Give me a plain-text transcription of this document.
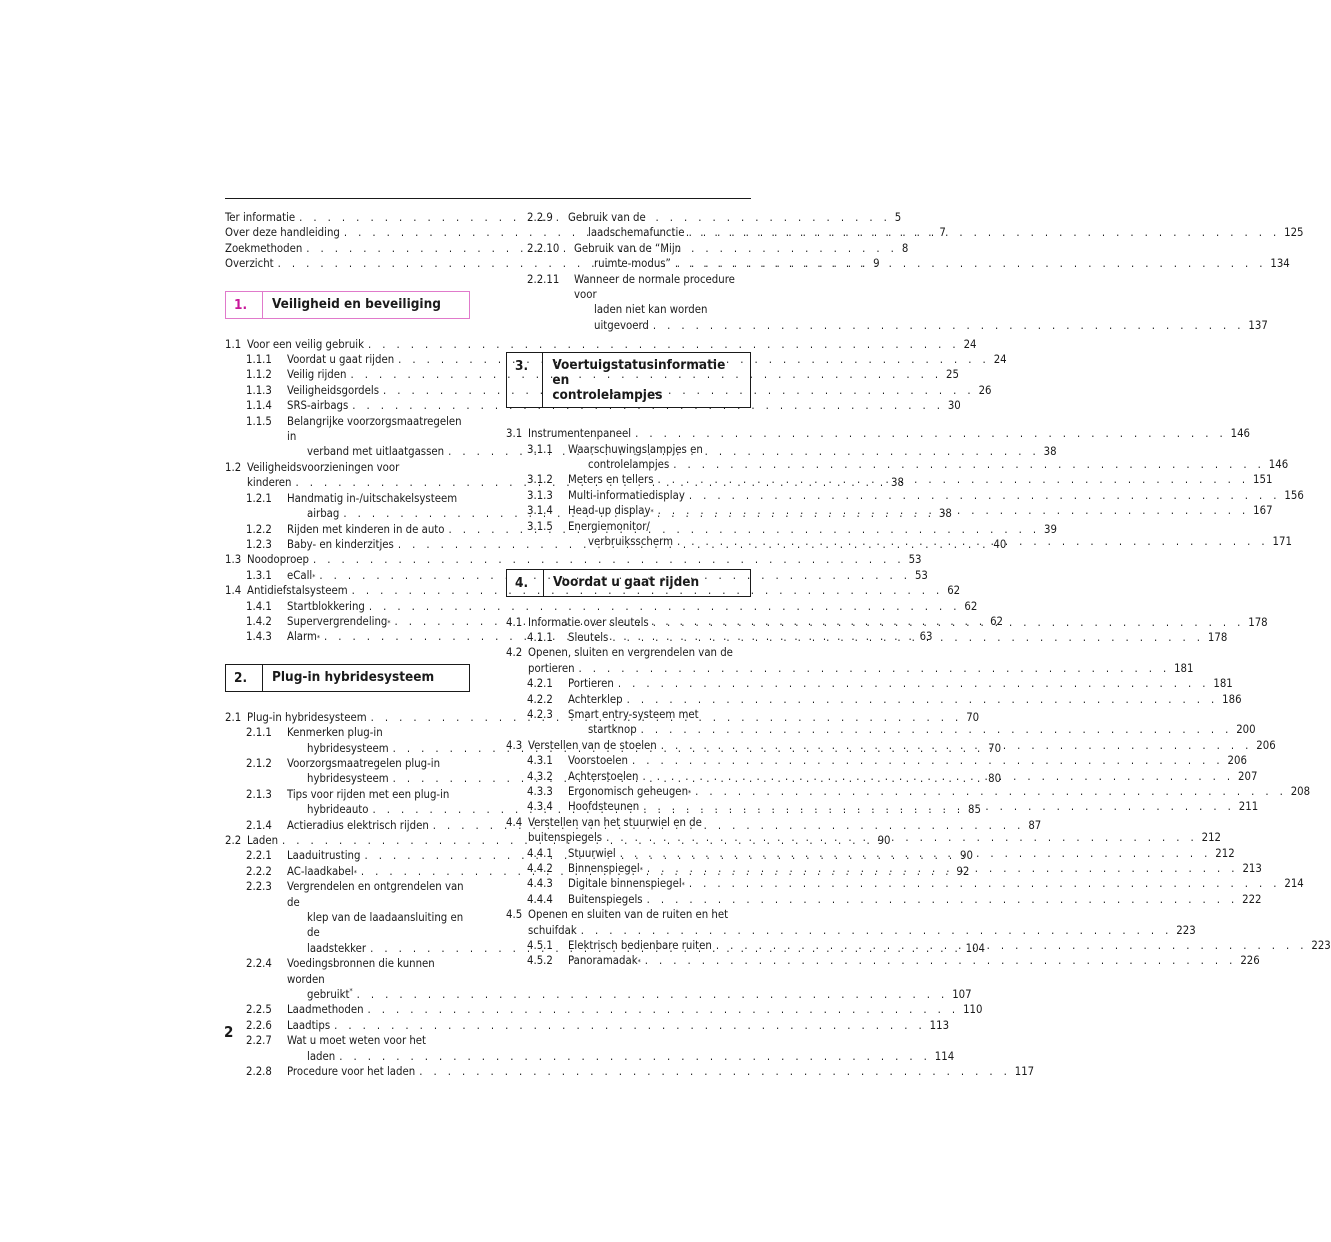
Ter informatie . . .	5
Over deze handleiding . . .	7
Zoekmethoden . . .	8
Overzicht . . .	9
1.	Veiligheid en beveiliging
1.1 Voor een veilig gebruik . . .	24
1.1.1 Voordat u gaat rijden . . .	24
1.1.2 Veilig rijden . . .	25
1.1.3 Veiligheidsgordels . . .	26
1.1.4 SRS-airbags . . .	30
1.1.5 Belangrijke voorzorgsmaatregelen in
verband met uitlaatgassen . . .	38
1.2 Veiligheidsvoorzieningen voor
kinderen . . .	38
1.2.1 Handmatig in-/uitschakelsysteem
airbag . . .	38
1.2.2 Rijden met kinderen in de auto . . .	39
1.2.3 Baby- en kinderzitjes . . .	40
1.3 Noodoproep . . .	53
1.3.1 eCall * . . .	53
1.4 Antidiefstalsysteem . . .	62
1.4.1 Startblokkering . . .	62
1.4.2 Supervergrendeling * . . .	62
1.4.3 Alarm * . . .	63
2.	Plug-in hybridesysteem
2.1 Plug-in hybridesysteem . . .	70
2.1.1 Kenmerken plug-in
hybridesysteem . . .	70
2.1.2 Voorzorgsmaatregelen plug-in
hybridesysteem . . .	80
2.1.3 Tips voor rijden met een plug-in
hybrideauto . . .	85
2.1.4 Actieradius elektrisch rijden . . .	87
2.2 Laden . . .	90
2.2.1 Laaduitrusting . . .	90
2.2.2 AC-laadkabel * . . .	92
2.2.3 Vergrendelen en ontgrendelen van de
klep van de laadaansluiting en de
laadstekker . . .	104
2.2.4 Voedingsbronnen die kunnen worden
gebruikt* . . .	107
2.2.5 Laadmethoden . . .	110
2.2.6 Laadtips . . .	113
2.2.7 Wat u moet weten voor het
laden . . .	114
2.2.8 Procedure voor het laden . . .	117
2.2.9 Gebruik van de
laadschemafunctie . . .	125
2.2.10 Gebruik van de “Mijn
ruimte-modus” . . .	134
2.2.11 Wanneer de normale procedure voor
laden niet kan worden
uitgevoerd . . .	137
3.	Voertuigstatusinformatie en
controlelampjes
3.1 Instrumentenpaneel . . .	146
3.1.1 Waarschuwingslampjes en
controlelampjes . . .	146
3.1.2 Meters en tellers . . .	151
3.1.3 Multi-informatiedisplay . . .	156
3.1.4 Head-up display * . . .	167
3.1.5 Energiemonitor/
verbruiksscherm . . .	171
4.	Voordat u gaat rijden
4.1 Informatie over sleutels . . .	178
4.1.1 Sleutels . . .	178
4.2 Openen, sluiten en vergrendelen van de
portieren . . .	181
4.2.1 Portieren . . .	181
4.2.2 Achterklep . . .	186
4.2.3 Smart entry-systeem met
startknop . . .	200
4.3 Verstellen van de stoelen . . .	206
4.3.1 Voorstoelen . . .	206
4.3.2 Achterstoelen . . .	207
4.3.3 Ergonomisch geheugen * . . .	208
4.3.4 Hoofdsteunen . . .	211
4.4 Verstellen van het stuurwiel en de
buitenspiegels . . .	212
4.4.1 Stuurwiel . . .	212
4.4.2 Binnenspiegel * . . .	213
4.4.3 Digitale binnenspiegel * . . .	214
4.4.4 Buitenspiegels . . .	222
4.5 Openen en sluiten van de ruiten en het
schuifdak . . .	223
4.5.1 Elektrisch bedienbare ruiten . . .	223
4.5.2 Panoramadak * . . .	226
2
